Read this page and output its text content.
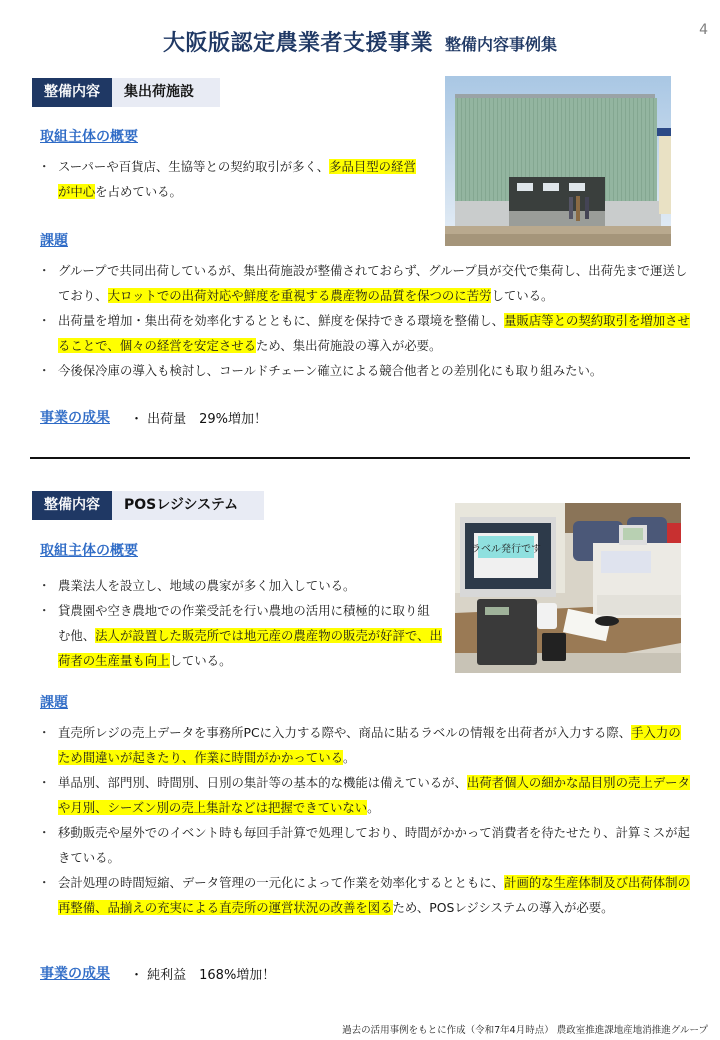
大阪版認定農業者支援事業 整備内容事例集
4
整備内容	集出荷施設
取組主体の概要
・ スーパーや百貨店、生協等との契約取引が多く、多品目型の経営が中心を占めている。
課題
・ グループで共同出荷しているが、集出荷施設が整備されておらず、グループ員が交代で集荷し、出荷先まで運送しており、大ロットでの出荷対応や鮮度を重視する農産物の品質を保つのに苦労している。
・ 出荷量を増加・集出荷を効率化するとともに、鮮度を保持できる環境を整備し、量販店等との契約取引を増加させることで、個々の経営を安定させるため、集出荷施設の導入が必要。
・ 今後保冷庫の導入も検討し、コールドチェーン確立による競合他者との差別化にも取り組みたい。
事業の成果 ・ 出荷量　29%増加！
整備内容	POSレジシステム
取組主体の概要
・ 農業法人を設立し、地域の農家が多く加入している。
・ 貸農園や空き農地での作業受託を行い農地の活用に積極的に取り組む他、法人が設置した販売所では地元産の農産物の販売が好評で、出荷者の生産量も向上している。
課題
・ 直売所レジの売上データを事務所PCに入力する際や、商品に貼るラベルの情報を出荷者が入力する際、手入力のため間違いが起きたり、作業に時間がかかっている。
・ 単品別、部門別、時間別、日別の集計等の基本的な機能は備えているが、出荷者個人の細かな品目別の売上データや月別、シーズン別の売上集計などは把握できていない。
・ 移動販売や屋外でのイベント時も毎回手計算で処理しており、時間がかかって消費者を待たせたり、計算ミスが起きている。
・ 会計処理の時間短縮、データ管理の一元化によって作業を効率化するとともに、計画的な生産体制及び出荷体制の再整備、品揃えの充実による直売所の運営状況の改善を図るため、POSレジシステムの導入が必要。
事業の成果 ・ 純利益　168%増加！
ラベル発行です
過去の活用事例をもとに作成（令和7年4月時点） 農政室推進課地産地消推進グループ
